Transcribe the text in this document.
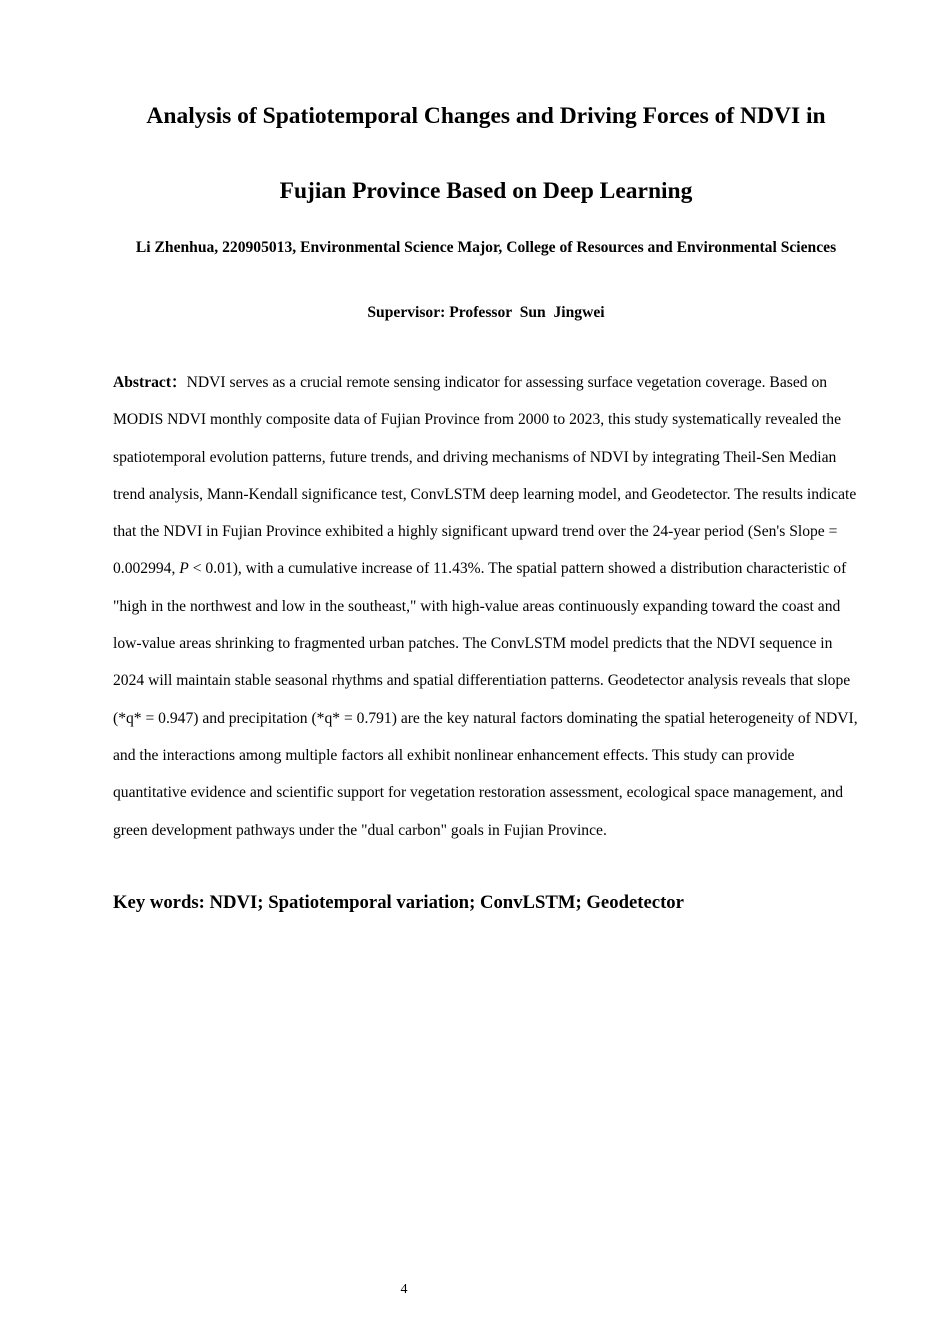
Analysis of Spatiotemporal Changes and Driving Forces of NDVI in
Fujian Province Based on Deep Learning

Li Zhenhua, 220905013, Environmental Science Major, College of Resources and Environmental Sciences

Supervisor: Professor  Sun  Jingwei

Abstract：NDVI serves as a crucial remote sensing indicator for assessing surface vegetation coverage. Based on MODIS NDVI monthly composite data of Fujian Province from 2000 to 2023, this study systematically revealed the spatiotemporal evolution patterns, future trends, and driving mechanisms of NDVI by integrating Theil-Sen Median trend analysis, Mann-Kendall significance test, ConvLSTM deep learning model, and Geodetector. The results indicate that the NDVI in Fujian Province exhibited a highly significant upward trend over the 24-year period (Sen's Slope = 0.002994, P < 0.01), with a cumulative increase of 11.43%. The spatial pattern showed a distribution characteristic of "high in the northwest and low in the southeast," with high-value areas continuously expanding toward the coast and low-value areas shrinking to fragmented urban patches. The ConvLSTM model predicts that the NDVI sequence in 2024 will maintain stable seasonal rhythms and spatial differentiation patterns. Geodetector analysis reveals that slope (*q* = 0.947) and precipitation (*q* = 0.791) are the key natural factors dominating the spatial heterogeneity of NDVI, and the interactions among multiple factors all exhibit nonlinear enhancement effects. This study can provide quantitative evidence and scientific support for vegetation restoration assessment, ecological space management, and green development pathways under the "dual carbon" goals in Fujian Province.

Key words: NDVI; Spatiotemporal variation; ConvLSTM; Geodetector

4
